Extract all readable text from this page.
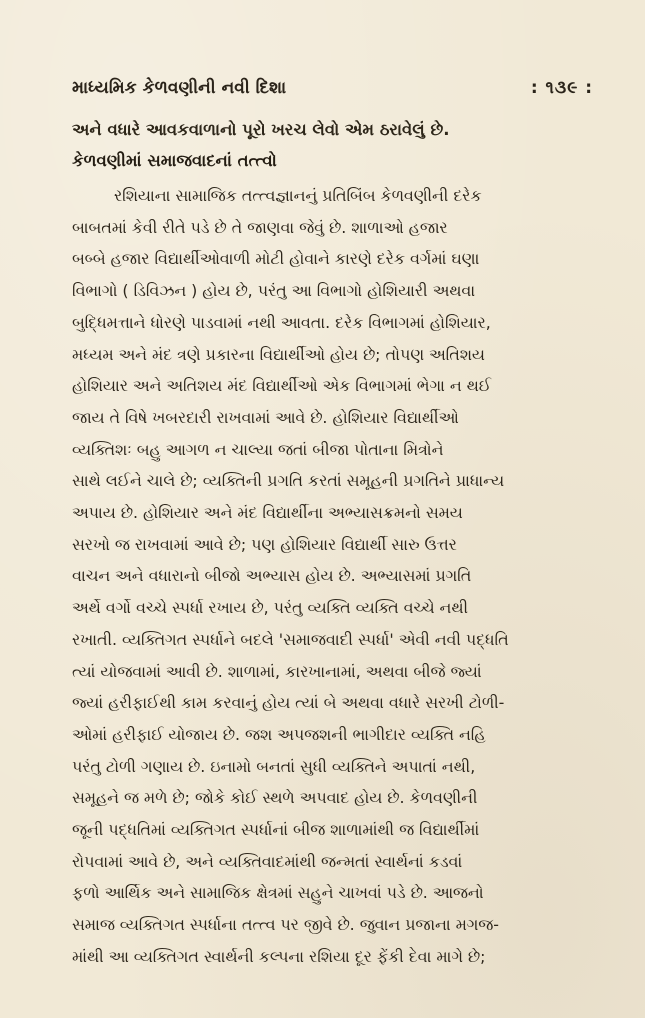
માધ્યમિક કેળવણીની નવી દિશા	: ૧૩૯ :
અને વધારે આવકવાળાનો પૂરો ખરચ લેવો એમ ઠરાવેલું છે.
કેળવણીમાં સમાજવાદનાં તત્ત્વો
રશિયાના સામાજિક તત્ત્વજ્ઞાનનું પ્રતિબિંબ કેળવણીની દરેક
બાબતમાં કેવી રીતે પડે છે તે જાણવા જેવું છે. શાળાઓ હજાર
બબ્બે હજાર વિદ્યાર્થીઓવાળી મોટી હોવાને કારણે દરેક વર્ગમાં ઘણા
વિભાગો ( ડિવિઝન ) હોય છે, પરંતુ આ વિભાગો હોશિયારી અથવા
બુદ્ધિમત્તાને ધોરણે પાડવામાં નથી આવતા. દરેક વિભાગમાં હોશિયાર,
મધ્યમ અને મંદ ત્રણે પ્રકારના વિદ્યાર્થીઓ હોય છે; તોપણ અતિશય
હોશિયાર અને અતિશય મંદ વિદ્યાર્થીઓ એક વિભાગમાં ભેગા ન થઈ
જાય તે વિષે ખબરદારી રાખવામાં આવે છે. હોશિયાર વિદ્યાર્થીઓ
વ્યક્તિશઃ બહુ આગળ ન ચાલ્યા જતાં બીજા પોતાના મિત્રોને
સાથે લઈને ચાલે છે; વ્યક્તિની પ્રગતિ કરતાં સમૂહની પ્રગતિને પ્રાધાન્ય
અપાય છે. હોશિયાર અને મંદ વિદ્યાર્થીના અભ્યાસક્રમનો સમય
સરખો જ રાખવામાં આવે છે; પણ હોશિયાર વિદ્યાર્થી સારુ ઉત્તર
વાચન અને વધારાનો બીજો અભ્યાસ હોય છે. અભ્યાસમાં પ્રગતિ
અર્થે વર્ગો વચ્ચે સ્પર્ધા રખાય છે, પરંતુ વ્યક્તિ વ્યક્તિ વચ્ચે નથી
રખાતી. વ્યક્તિગત સ્પર્ધાને બદલે 'સમાજવાદી સ્પર્ધા' એવી નવી પદ્ધતિ
ત્યાં યોજવામાં આવી છે. શાળામાં, કારખાનામાં, અથવા બીજે જ્યાં
જ્યાં હરીફાઈથી કામ કરવાનું હોય ત્યાં બે અથવા વધારે સરખી ટોળી-
ઓમાં હરીફાઈ યોજાય છે. જશ અપજશની ભાગીદાર વ્યક્તિ નહિ
પરંતુ ટોળી ગણાય છે. ઇનામો બનતાં સુધી વ્યક્તિને અપાતાં નથી,
સમૂહને જ મળે છે; જોકે કોઈ સ્થળે અપવાદ હોય છે. કેળવણીની
જૂની પદ્ધતિમાં વ્યક્તિગત સ્પર્ધાનાં બીજ શાળામાંથી જ વિદ્યાર્થીમાં
રોપવામાં આવે છે, અને વ્યક્તિવાદમાંથી જન્મતાં સ્વાર્થનાં કડવાં
ફળો આર્થિક અને સામાજિક ક્ષેત્રમાં સહુને ચાખવાં પડે છે. આજનો
સમાજ વ્યક્તિગત સ્પર્ધાના તત્ત્વ પર જીવે છે. જુવાન પ્રજાના મગજ-
માંથી આ વ્યક્તિગત સ્વાર્થની કલ્પના રશિયા દૂર ફેંકી દેવા માગે છે;
